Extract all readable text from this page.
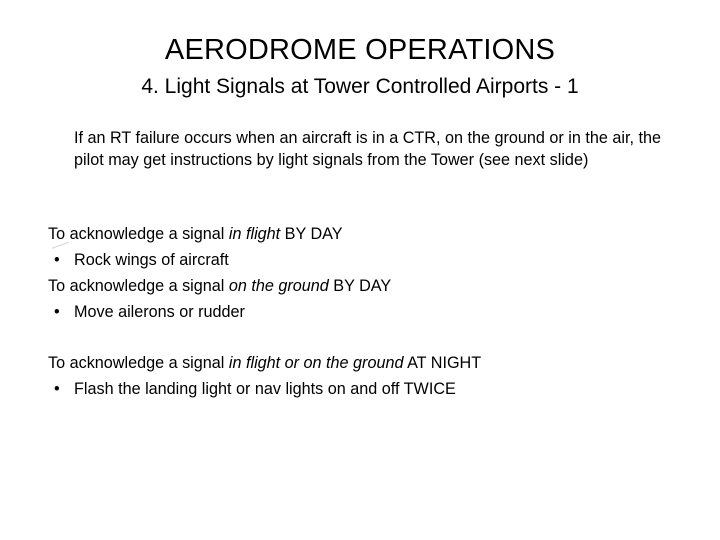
AERODROME OPERATIONS
4. Light Signals at Tower Controlled Airports - 1
If an RT failure occurs when an aircraft is in a CTR, on the ground or in the air, the pilot may get instructions by light signals from the Tower (see next slide)
To acknowledge a signal in flight BY DAY
• Rock wings of aircraft
To acknowledge a signal on the ground BY DAY
• Move ailerons or rudder
To acknowledge a signal in flight or on the ground AT NIGHT
• Flash the landing light or nav lights on and off TWICE
